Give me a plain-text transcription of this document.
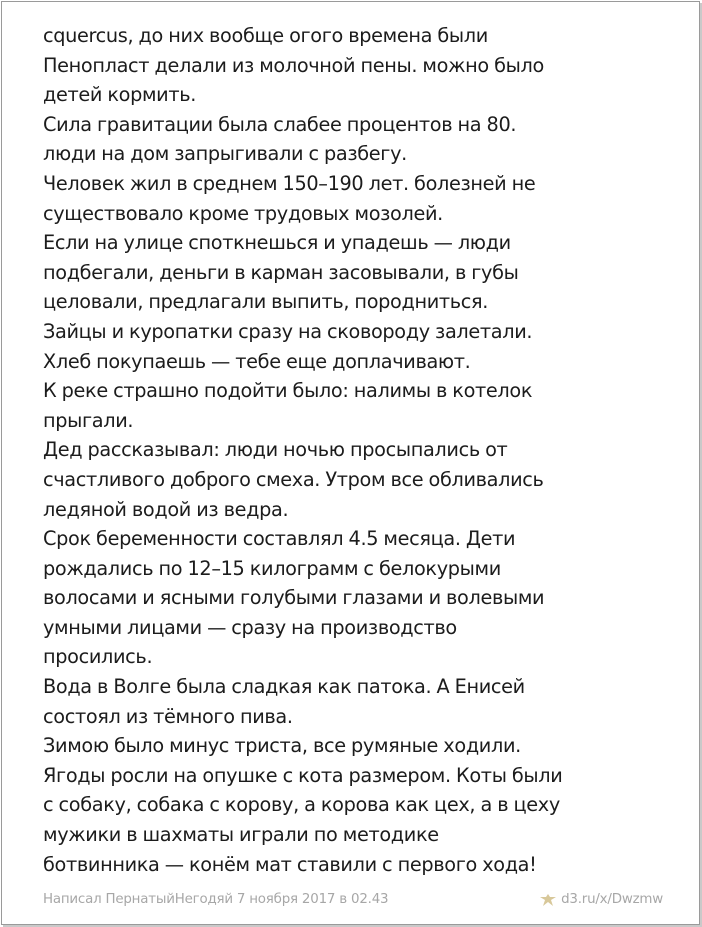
cquercus, до них вообще огого времена были
Пенопласт делали из молочной пены. можно было
детей кормить.
Сила гравитации была слабее процентов на 80.
люди на дом запрыгивали с разбегу.
Человек жил в среднем 150–190 лет. болезней не
существовало кроме трудовых мозолей.
Если на улице споткнешься и упадешь — люди
подбегали, деньги в карман засовывали, в губы
целовали, предлагали выпить, породниться.
Зайцы и куропатки сразу на сковороду залетали.
Хлеб покупаешь — тебе еще доплачивают.
К реке страшно подойти было: налимы в котелок
прыгали.
Дед рассказывал: люди ночью просыпались от
счастливого доброго смеха. Утром все обливались
ледяной водой из ведра.
Срок беременности составлял 4.5 месяца. Дети
рождались по 12–15 килограмм с белокурыми
волосами и ясными голубыми глазами и волевыми
умными лицами — сразу на производство
просились.
Вода в Волге была сладкая как патока. А Енисей
состоял из тёмного пива.
Зимою было минус триста, все румяные ходили.
Ягоды росли на опушке с кота размером. Коты были
с собаку, собака с корову, а корова как цех, а в цеху
мужики в шахматы играли по методике
ботвинника — конём мат ставили с первого хода!
Написал ПернатыйНегодяй 7 ноября 2017 в 02.43	d3.ru/x/Dwzmw
